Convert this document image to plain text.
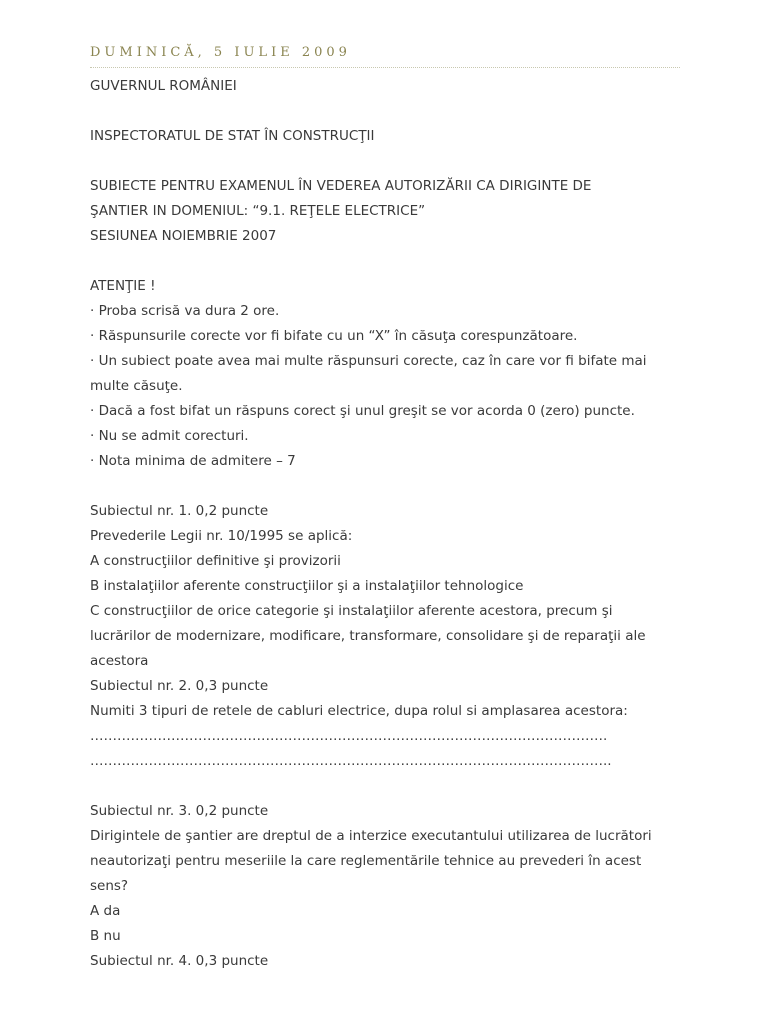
DUMINICĂ, 5 IULIE 2009
GUVERNUL ROMÂNIEI
INSPECTORATUL DE STAT ÎN CONSTRUCŢII
SUBIECTE PENTRU EXAMENUL ÎN VEDEREA AUTORIZĂRII CA DIRIGINTE DE
ŞANTIER IN DOMENIUL: “9.1. REŢELE ELECTRICE”
SESIUNEA NOIEMBRIE 2007
ATENŢIE !
· Proba scrisă va dura 2 ore.
· Răspunsurile corecte vor fi bifate cu un “X” în căsuţa corespunzătoare.
· Un subiect poate avea mai multe răspunsuri corecte, caz în care vor fi bifate mai
multe căsuţe.
· Dacă a fost bifat un răspuns corect şi unul greşit se vor acorda 0 (zero) puncte.
· Nu se admit corecturi.
· Nota minima de admitere – 7
Subiectul nr. 1. 0,2 puncte
Prevederile Legii nr. 10/1995 se aplică:
A construcţiilor definitive şi provizorii
B instalaţiilor aferente construcţiilor şi a instalaţiilor tehnologice
C construcţiilor de orice categorie şi instalaţiilor aferente acestora, precum şi
lucrărilor de modernizare, modificare, transformare, consolidare şi de reparaţii ale
acestora
Subiectul nr. 2. 0,3 puncte
Numiti 3 tipuri de retele de cabluri electrice, dupa rolul si amplasarea acestora:
…………………………………………………………………………………………………….
……………………………………………………………………………………………………..
Subiectul nr. 3. 0,2 puncte
Dirigintele de şantier are dreptul de a interzice executantului utilizarea de lucrători
neautorizaţi pentru meseriile la care reglementările tehnice au prevederi în acest
sens?
A da
B nu
Subiectul nr. 4. 0,3 puncte
